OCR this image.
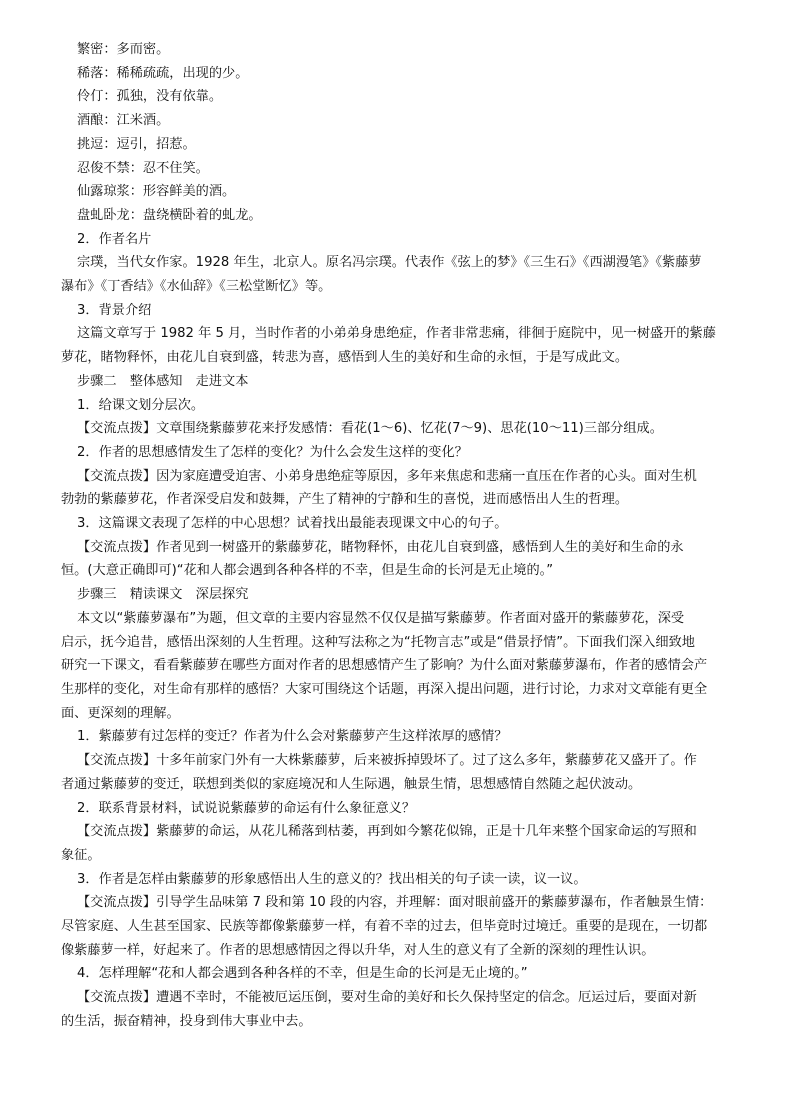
繁密：多而密。
稀落：稀稀疏疏，出现的少。
伶仃：孤独，没有依靠。
酒酿：江米酒。
挑逗：逗引，招惹。
忍俊不禁：忍不住笑。
仙露琼浆：形容鲜美的酒。
盘虬卧龙：盘绕横卧着的虬龙。
2．作者名片
宗璞，当代女作家。1928 年生，北京人。原名冯宗璞。代表作《弦上的梦》《三生石》《西湖漫笔》《紫藤萝
瀑布》《丁香结》《水仙辞》《三松堂断忆》等。
3．背景介绍
这篇文章写于 1982 年 5 月，当时作者的小弟弟身患绝症，作者非常悲痛，徘徊于庭院中，见一树盛开的紫藤
萝花，睹物释怀，由花儿自衰到盛，转悲为喜，感悟到人生的美好和生命的永恒，于是写成此文。
步骤二　整体感知　走进文本
1．给课文划分层次。
【交流点拨】文章围绕紫藤萝花来抒发感情：看花(1～6)、忆花(7～9)、思花(10～11)三部分组成。
2．作者的思想感情发生了怎样的变化？为什么会发生这样的变化？
【交流点拨】因为家庭遭受迫害、小弟身患绝症等原因，多年来焦虑和悲痛一直压在作者的心头。面对生机
勃勃的紫藤萝花，作者深受启发和鼓舞，产生了精神的宁静和生的喜悦，进而感悟出人生的哲理。
3．这篇课文表现了怎样的中心思想？试着找出最能表现课文中心的句子。
【交流点拨】作者见到一树盛开的紫藤萝花，睹物释怀，由花儿自衰到盛，感悟到人生的美好和生命的永
恒。(大意正确即可)“花和人都会遇到各种各样的不幸，但是生命的长河是无止境的。”
步骤三　精读课文　深层探究
本文以“紫藤萝瀑布”为题，但文章的主要内容显然不仅仅是描写紫藤萝。作者面对盛开的紫藤萝花，深受
启示，抚今追昔，感悟出深刻的人生哲理。这种写法称之为“托物言志”或是“借景抒情”。下面我们深入细致地
研究一下课文，看看紫藤萝在哪些方面对作者的思想感情产生了影响？为什么面对紫藤萝瀑布，作者的感情会产
生那样的变化，对生命有那样的感悟？大家可围绕这个话题，再深入提出问题，进行讨论，力求对文章能有更全
面、更深刻的理解。
1．紫藤萝有过怎样的变迁？作者为什么会对紫藤萝产生这样浓厚的感情？
【交流点拨】十多年前家门外有一大株紫藤萝，后来被拆掉毁坏了。过了这么多年，紫藤萝花又盛开了。作
者通过紫藤萝的变迁，联想到类似的家庭境况和人生际遇，触景生情，思想感情自然随之起伏波动。
2．联系背景材料，试说说紫藤萝的命运有什么象征意义？
【交流点拨】紫藤萝的命运，从花儿稀落到枯萎，再到如今繁花似锦，正是十几年来整个国家命运的写照和
象征。
3．作者是怎样由紫藤萝的形象感悟出人生的意义的？找出相关的句子读一读，议一议。
【交流点拨】引导学生品味第 7 段和第 10 段的内容，并理解：面对眼前盛开的紫藤萝瀑布，作者触景生情：
尽管家庭、人生甚至国家、民族等都像紫藤萝一样，有着不幸的过去，但毕竟时过境迁。重要的是现在，一切都
像紫藤萝一样，好起来了。作者的思想感情因之得以升华，对人生的意义有了全新的深刻的理性认识。
4．怎样理解“花和人都会遇到各种各样的不幸，但是生命的长河是无止境的。”
【交流点拨】遭遇不幸时，不能被厄运压倒，要对生命的美好和长久保持坚定的信念。厄运过后，要面对新
的生活，振奋精神，投身到伟大事业中去。
